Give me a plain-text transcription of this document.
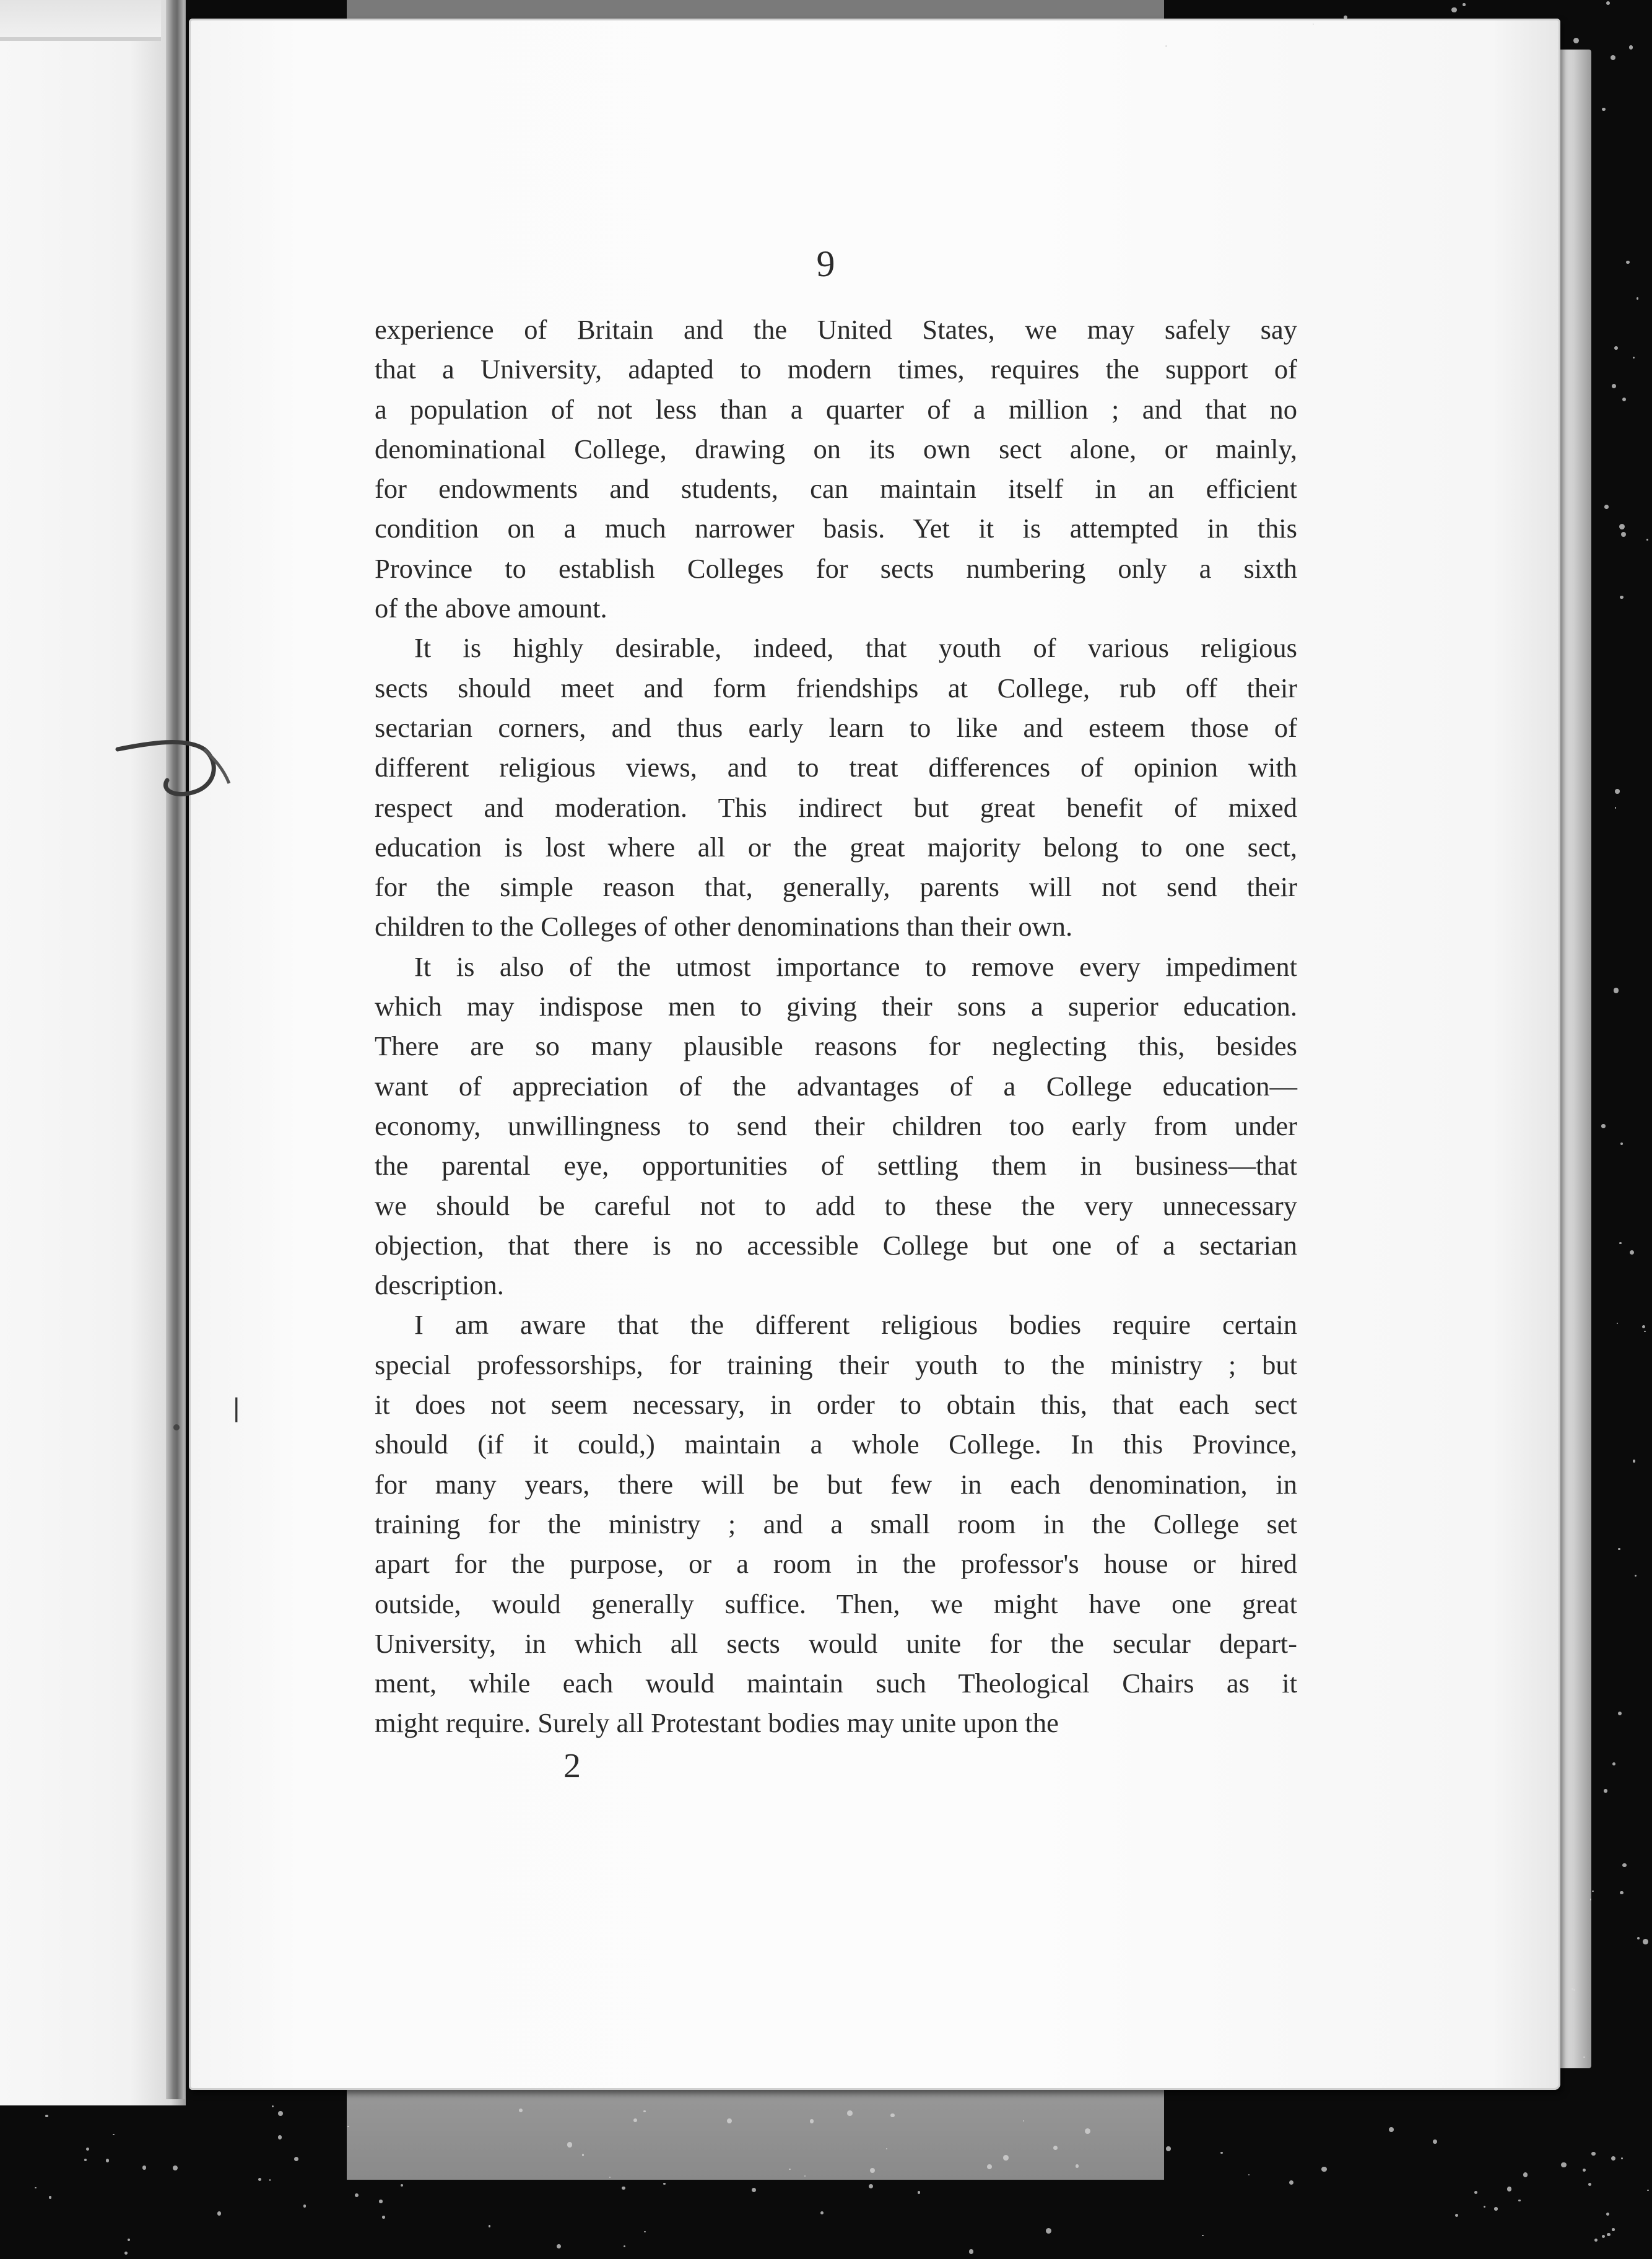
❘
9

experience of Britain and the United States, we may safely say
that a University, adapted to modern times, requires the support of
a population of not less than a quarter of a million ; and that no
denominational College, drawing on its own sect alone, or mainly,
for endowments and students, can maintain itself in an efficient
condition on a much narrower basis. Yet it is attempted in this
Province to establish Colleges for sects numbering only a sixth
of the above amount.

It is highly desirable, indeed, that youth of various religious
sects should meet and form friendships at College, rub off their
sectarian corners, and thus early learn to like and esteem those of
different religious views, and to treat differences of opinion with
respect and moderation. This indirect but great benefit of mixed
education is lost where all or the great majority belong to one sect,
for the simple reason that, generally, parents will not send their
children to the Colleges of other denominations than their own.

It is also of the utmost importance to remove every impediment
which may indispose men to giving their sons a superior education.
There are so many plausible reasons for neglecting this, besides
want of appreciation of the advantages of a College education—
economy, unwillingness to send their children too early from under
the parental eye, opportunities of settling them in business—that
we should be careful not to add to these the very unnecessary
objection, that there is no accessible College but one of a sectarian
description.

I am aware that the different religious bodies require certain
special professorships, for training their youth to the ministry ; but
it does not seem necessary, in order to obtain this, that each sect
should (if it could,) maintain a whole College. In this Province,
for many years, there will be but few in each denomination, in
training for the ministry ; and a small room in the College set
apart for the purpose, or a room in the professor's house or hired
outside, would generally suffice. Then, we might have one great
University, in which all sects would unite for the secular depart-
ment, while each would maintain such Theological Chairs as it
might require. Surely all Protestant bodies may unite upon the

2
